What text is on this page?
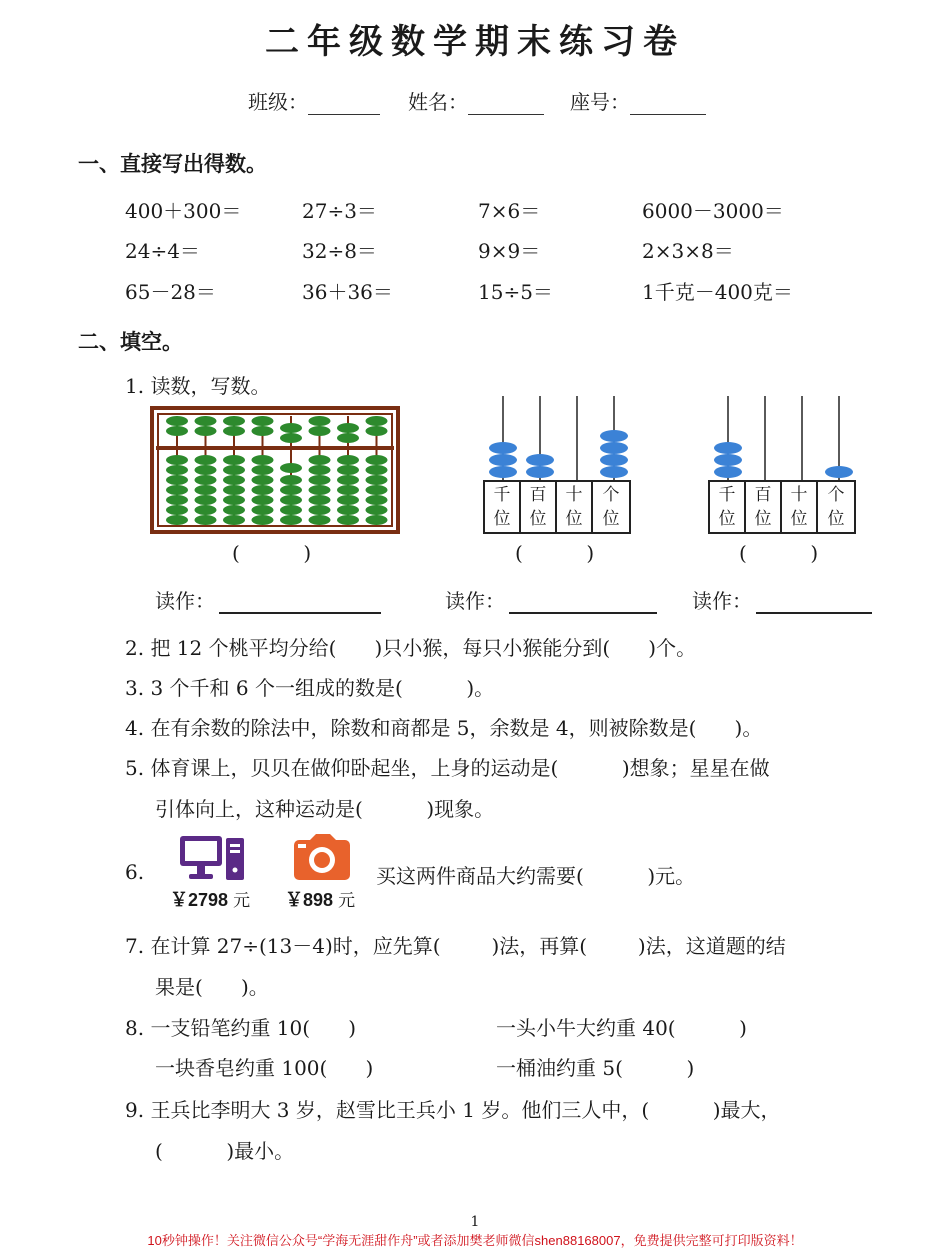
二年级数学期末练习卷
班级：	姓名：	座号：
一、直接写出得数。
400＋300＝	27÷3＝	7×6＝	6000－3000＝
24÷4＝	32÷8＝	9×9＝	2×3×8＝
65－28＝	36＋36＝	15÷5＝	1千克－400克＝
二、填空。
1. 读数，写数。
千
位
百
位
十
位
个
位
千
位
百
位
十
位
个
位
(          )	(          )	(          )
读作：	读作：	读作：
2. 把 12 个桃平均分给(      )只小猴，每只小猴能分到(      )个。
3. 3 个千和 6 个一组成的数是(          )。
4. 在有余数的除法中，除数和商都是 5，余数是 4，则被除数是(      )。
5. 体育课上，贝贝在做仰卧起坐，上身的运动是(          )想象；星星在做
引体向上，这种运动是(          )现象。
6.
￥2798 元 ￥898 元
买这两件商品大约需要(          )元。
7. 在计算 27÷(13－4)时，应先算(        )法，再算(        )法，这道题的结
果是(      )。
8. 一支铅笔约重 10(      )	一头小牛大约重 40(          )
一块香皂约重 100(      )	一桶油约重 5(          )
9. 王兵比李明大 3 岁，赵雪比王兵小 1 岁。他们三人中，(          )最大，
(          )最小。
1
10秒钟操作！关注微信公众号“学海无涯甜作舟”或者添加樊老师微信shen88168007，免费提供完整可打印版资料！
